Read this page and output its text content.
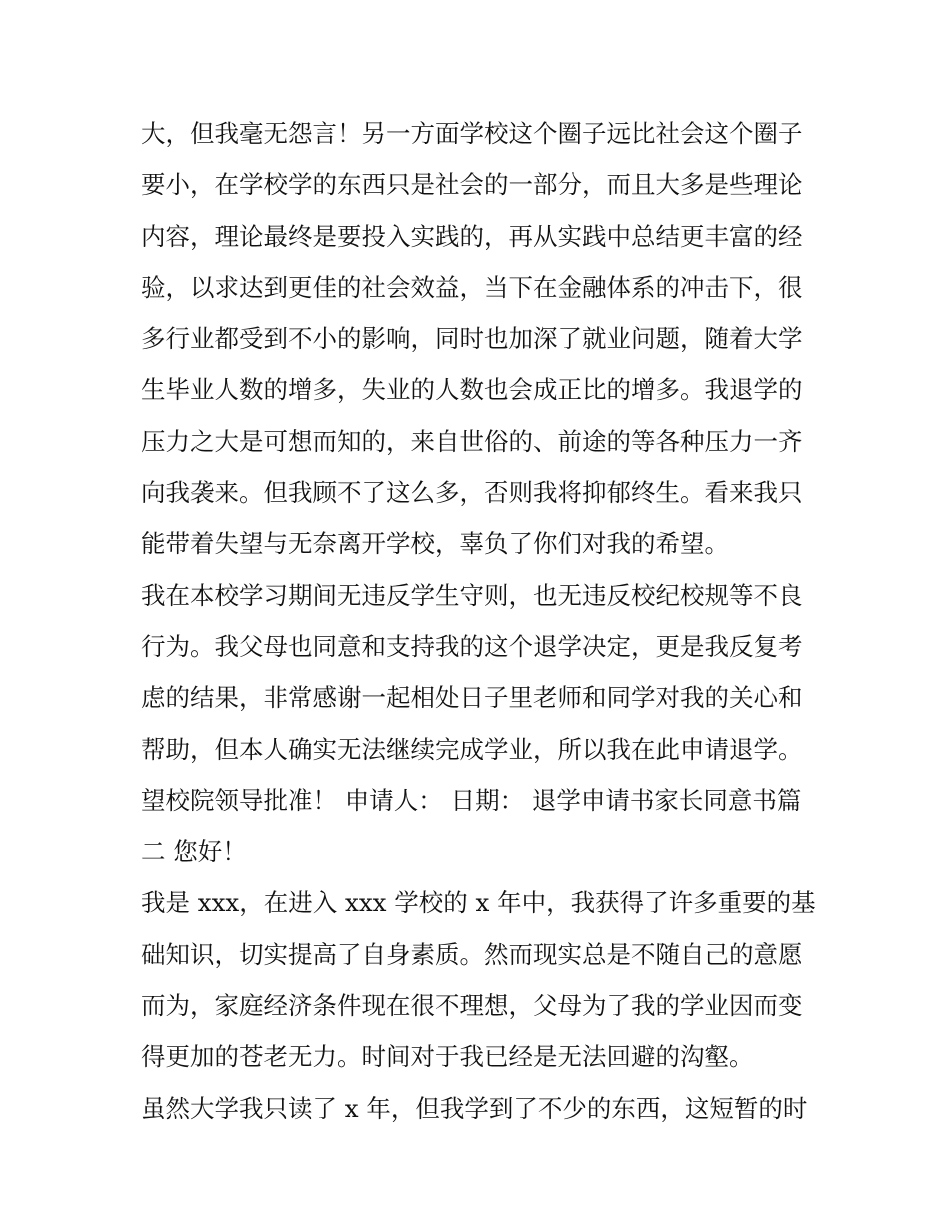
大，但我毫无怨言！另一方面学校这个圈子远比社会这个圈子
要小，在学校学的东西只是社会的一部分，而且大多是些理论
内容，理论最终是要投入实践的，再从实践中总结更丰富的经
验，以求达到更佳的社会效益，当下在金融体系的冲击下，很
多行业都受到不小的影响，同时也加深了就业问题，随着大学
生毕业人数的增多，失业的人数也会成正比的增多。我退学的
压力之大是可想而知的，来自世俗的、前途的等各种压力一齐
向我袭来。但我顾不了这么多，否则我将抑郁终生。看来我只
能带着失望与无奈离开学校，辜负了你们对我的希望。
我在本校学习期间无违反学生守则，也无违反校纪校规等不良
行为。我父母也同意和支持我的这个退学决定，更是我反复考
虑的结果，非常感谢一起相处日子里老师和同学对我的关心和
帮助，但本人确实无法继续完成学业，所以我在此申请退学。
望校院领导批准！ 申请人： 日期： 退学申请书家长同意书篇
二 您好！
我是 xxx，在进入 xxx 学校的 x 年中，我获得了许多重要的基
础知识，切实提高了自身素质。然而现实总是不随自己的意愿
而为，家庭经济条件现在很不理想，父母为了我的学业因而变
得更加的苍老无力。时间对于我已经是无法回避的沟壑。
虽然大学我只读了 x 年，但我学到了不少的东西，这短暂的时
